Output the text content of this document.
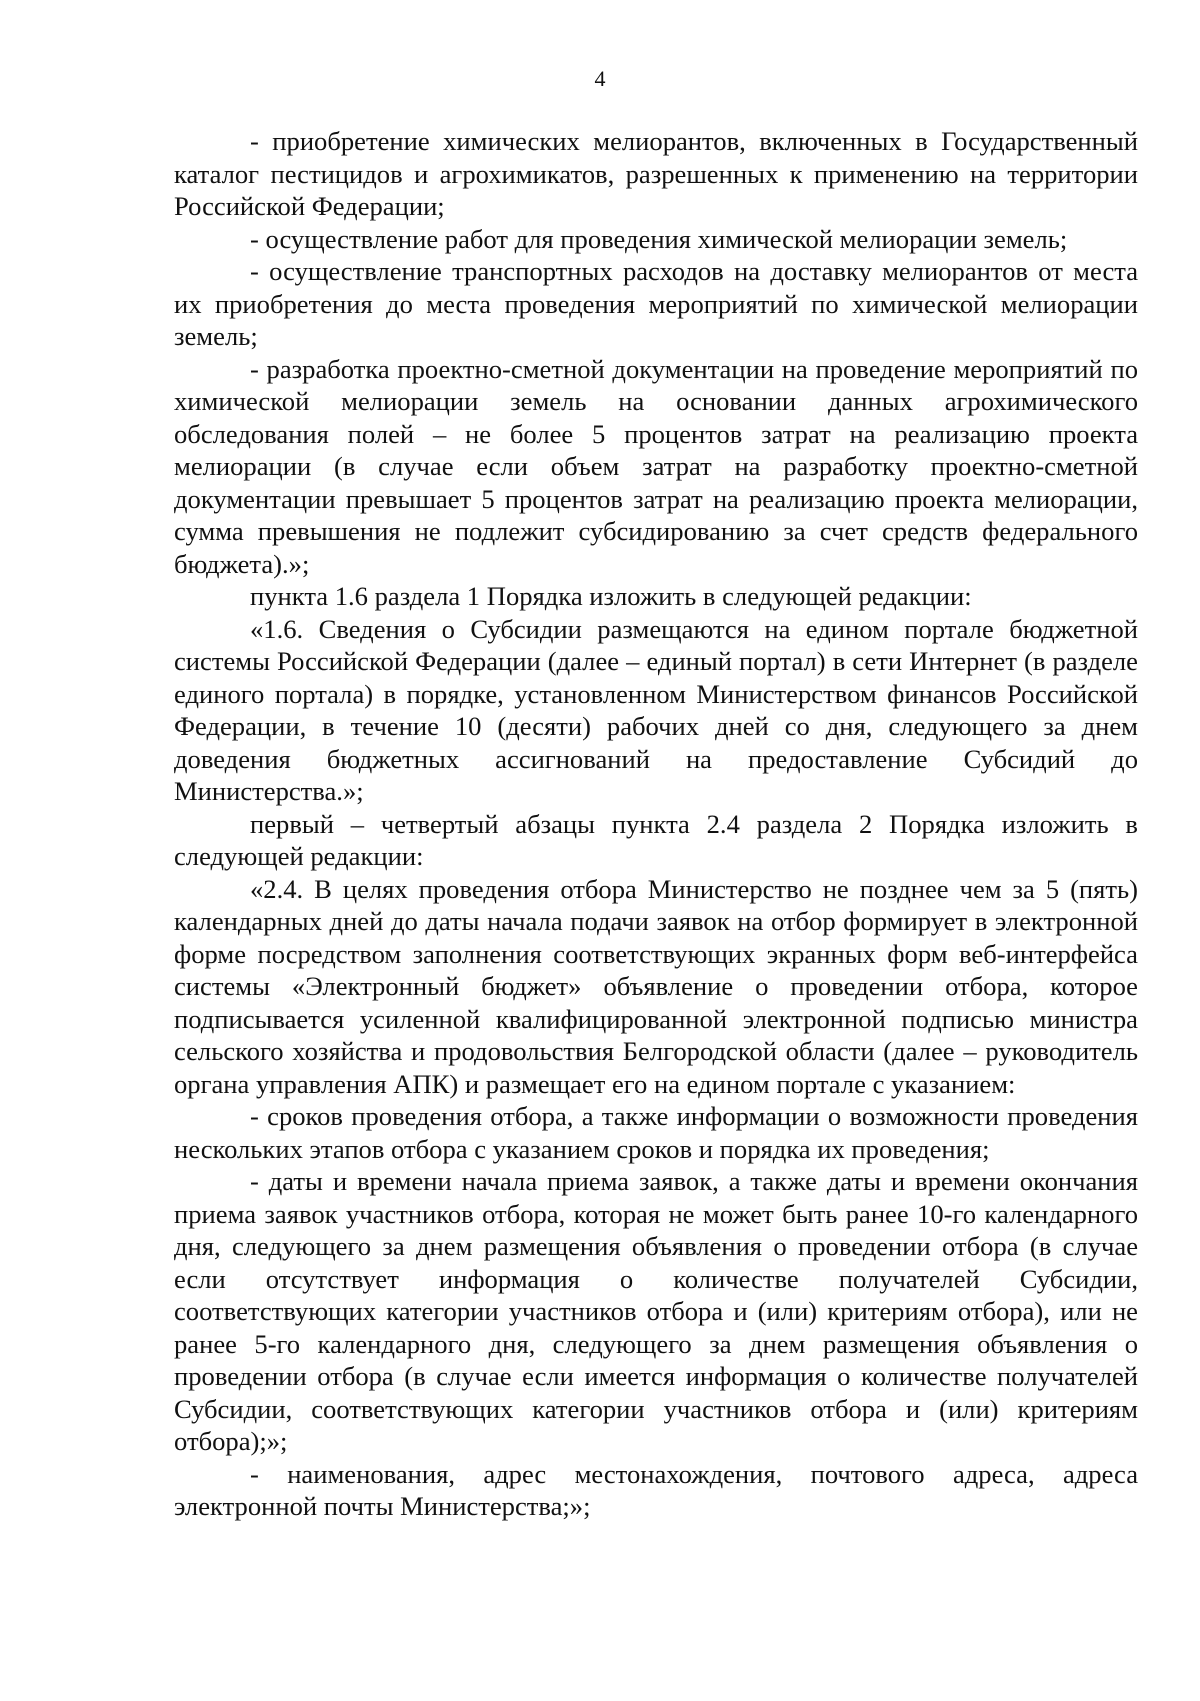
4

- приобретение химических мелиорантов, включенных в Государственный каталог пестицидов и агрохимикатов, разрешенных к применению на территории Российской Федерации;

- осуществление работ для проведения химической мелиорации земель;

- осуществление транспортных расходов на доставку мелиорантов от места их приобретения до места проведения мероприятий по химической мелиорации земель;

- разработка проектно-сметной документации на проведение мероприятий по химической мелиорации земель на основании данных агрохимического обследования полей – не более 5 процентов затрат на реализацию проекта мелиорации (в случае если объем затрат на разработку проектно-сметной документации превышает 5 процентов затрат на реализацию проекта мелиорации, сумма превышения не подлежит субсидированию за счет средств федерального бюджета).»;

пункта 1.6 раздела 1 Порядка изложить в следующей редакции:

«1.6. Сведения о Субсидии размещаются на едином портале бюджетной системы Российской Федерации (далее – единый портал) в сети Интернет (в разделе единого портала) в порядке, установленном Министерством финансов Российской Федерации, в течение 10 (десяти) рабочих дней со дня, следующего за днем доведения бюджетных ассигнований на предоставление Субсидий до Министерства.»;

первый – четвертый абзацы пункта 2.4 раздела 2 Порядка изложить в следующей редакции:

«2.4. В целях проведения отбора Министерство не позднее чем за 5 (пять) календарных дней до даты начала подачи заявок на отбор формирует в электронной форме посредством заполнения соответствующих экранных форм веб-интерфейса системы «Электронный бюджет» объявление о проведении отбора, которое подписывается усиленной квалифицированной электронной подписью министра сельского хозяйства и продовольствия Белгородской области (далее – руководитель органа управления АПК) и размещает его на едином портале с указанием:

- сроков проведения отбора, а также информации о возможности проведения нескольких этапов отбора с указанием сроков и порядка их проведения;

- даты и времени начала приема заявок, а также даты и времени окончания приема заявок участников отбора, которая не может быть ранее 10-го календарного дня, следующего за днем размещения объявления о проведении отбора (в случае если отсутствует информация о количестве получателей Субсидии, соответствующих категории участников отбора и (или) критериям отбора), или не ранее 5-го календарного дня, следующего за днем размещения объявления о проведении отбора (в случае если имеется информация о количестве получателей Субсидии, соответствующих категории участников отбора и (или) критериям отбора);»;

- наименования, адрес местонахождения, почтового адреса, адреса электронной почты Министерства;»;
